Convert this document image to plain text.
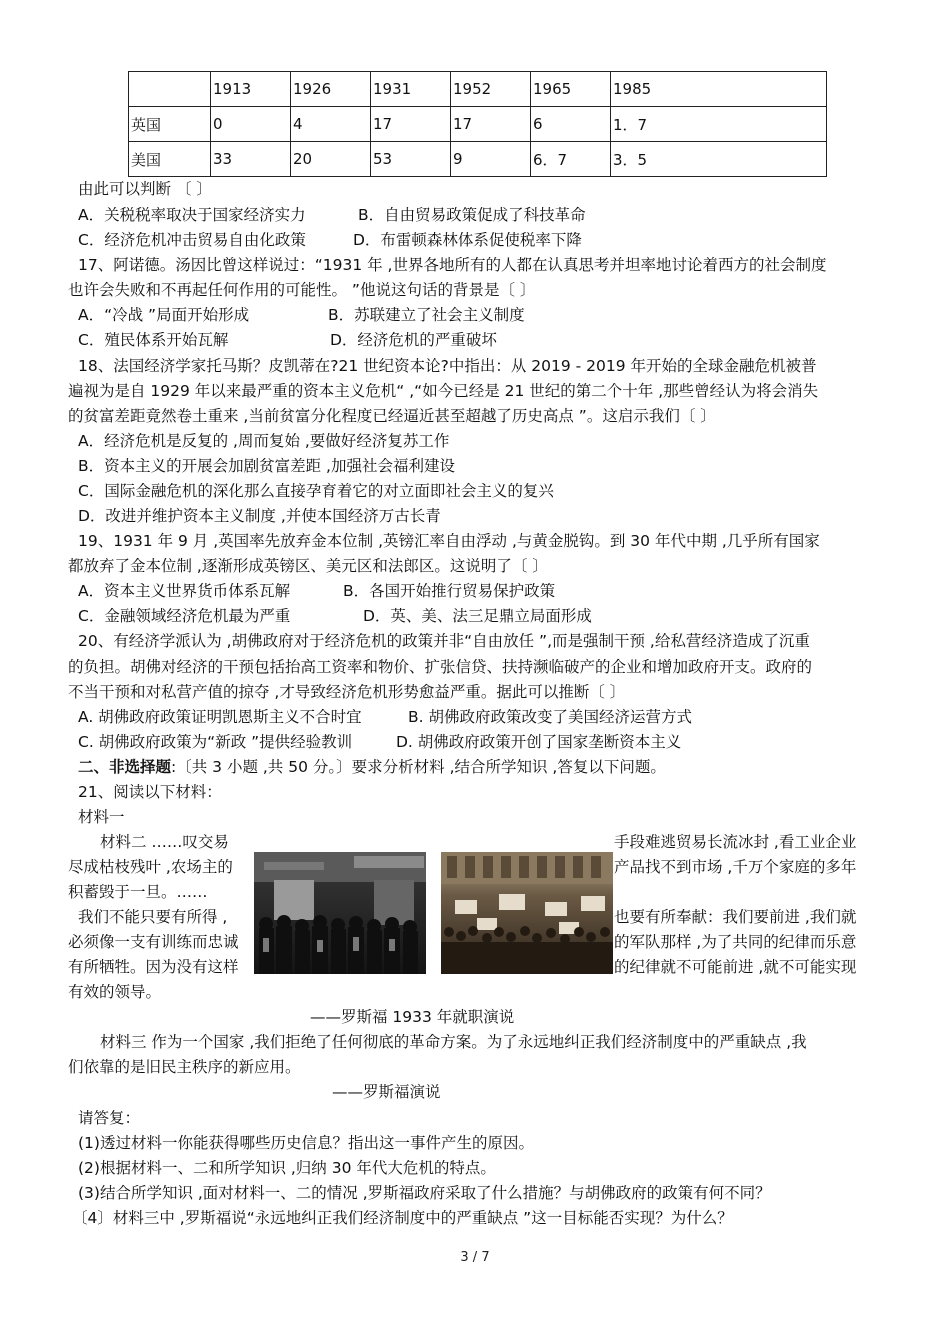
	1913	1926	1931	1952	1965	1985
英国	0	4	17	17	6	1．7
美国	33	20	53	9	6．7	3．5
由此可以判断 〔 〕
A．关税税率取决于国家经济实力	B．自由贸易政策促成了科技革命
C．经济危机冲击贸易自由化政策	D．布雷顿森林体系促使税率下降
17、阿诺德。汤因比曾这样说过：“1931 年 ,世界各地所有的人都在认真思考并坦率地讨论着西方的社会制度
也许会失败和不再起任何作用的可能性。 ”他说这句话的背景是〔 〕
A．“冷战 ”局面开始形成	B．苏联建立了社会主义制度
C．殖民体系开始瓦解	D．经济危机的严重破坏
18、法国经济学家托马斯？皮凯蒂在?21 世纪资本论?中指出：从 2019 - 2019 年开始的全球金融危机被普
遍视为是自 1929 年以来最严重的资本主义危机“ ,“如今已经是 21 世纪的第二个十年 ,那些曾经认为将会消失
的贫富差距竟然卷土重来 ,当前贫富分化程度已经逼近甚至超越了历史高点 ”。这启示我们〔 〕
A．经济危机是反复的 ,周而复始 ,要做好经济复苏工作
B．资本主义的开展会加剧贫富差距 ,加强社会福利建设
C．国际金融危机的深化那么直接孕育着它的对立面即社会主义的复兴
D．改进并维护资本主义制度 ,并使本国经济万古长青
19、1931 年 9 月 ,英国率先放弃金本位制 ,英镑汇率自由浮动 ,与黄金脱钩。到 30 年代中期 ,几乎所有国家
都放弃了金本位制 ,逐渐形成英镑区、美元区和法郎区。这说明了〔 〕
A．资本主义世界货币体系瓦解	B．各国开始推行贸易保护政策
C．金融领域经济危机最为严重	D．英、美、法三足鼎立局面形成
20、有经济学派认为 ,胡佛政府对于经济危机的政策并非“自由放任 ”,而是强制干预 ,给私营经济造成了沉重
的负担。胡佛对经济的干预包括抬高工资率和物价、扩张信贷、扶持濒临破产的企业和增加政府开支。政府的
不当干预和对私营产值的掠夺 ,才导致经济危机形势愈益严重。据此可以推断〔 〕
A. 胡佛政府政策证明凯恩斯主义不合时宜	B. 胡佛政府政策改变了美国经济运营方式
C. 胡佛政府政策为“新政 ”提供经验教训	D. 胡佛政府政策开创了国家垄断资本主义
二、非选择题:〔共 3 小题 ,共 50 分。〕要求分析材料 ,结合所学知识 ,答复以下问题。
21、阅读以下材料：
材料一
材料二 ……叹交易	手段难逃贸易长流冰封 ,看工业企业
尽成枯枝残叶 ,农场主的	产品找不到市场 ,千万个家庭的多年
积蓄毁于一旦。……
我们不能只要有所得 ,	也要有所奉献：我们要前进 ,我们就
必须像一支有训练而忠诚	的军队那样 ,为了共同的纪律而乐意
有所牺牲。因为没有这样	的纪律就不可能前进 ,就不可能实现
有效的领导。
——罗斯福 1933 年就职演说
材料三 作为一个国家 ,我们拒绝了任何彻底的革命方案。为了永远地纠正我们经济制度中的严重缺点 ,我
们依靠的是旧民主秩序的新应用。
——罗斯福演说
请答复：
(1)透过材料一你能获得哪些历史信息？指出这一事件产生的原因。
(2)根据材料一、二和所学知识 ,归纳 30 年代大危机的特点。
(3)结合所学知识 ,面对材料一、二的情况 ,罗斯福政府采取了什么措施？与胡佛政府的政策有何不同？
〔4〕材料三中 ,罗斯福说“永远地纠正我们经济制度中的严重缺点 ”这一目标能否实现？为什么？
3 / 7
